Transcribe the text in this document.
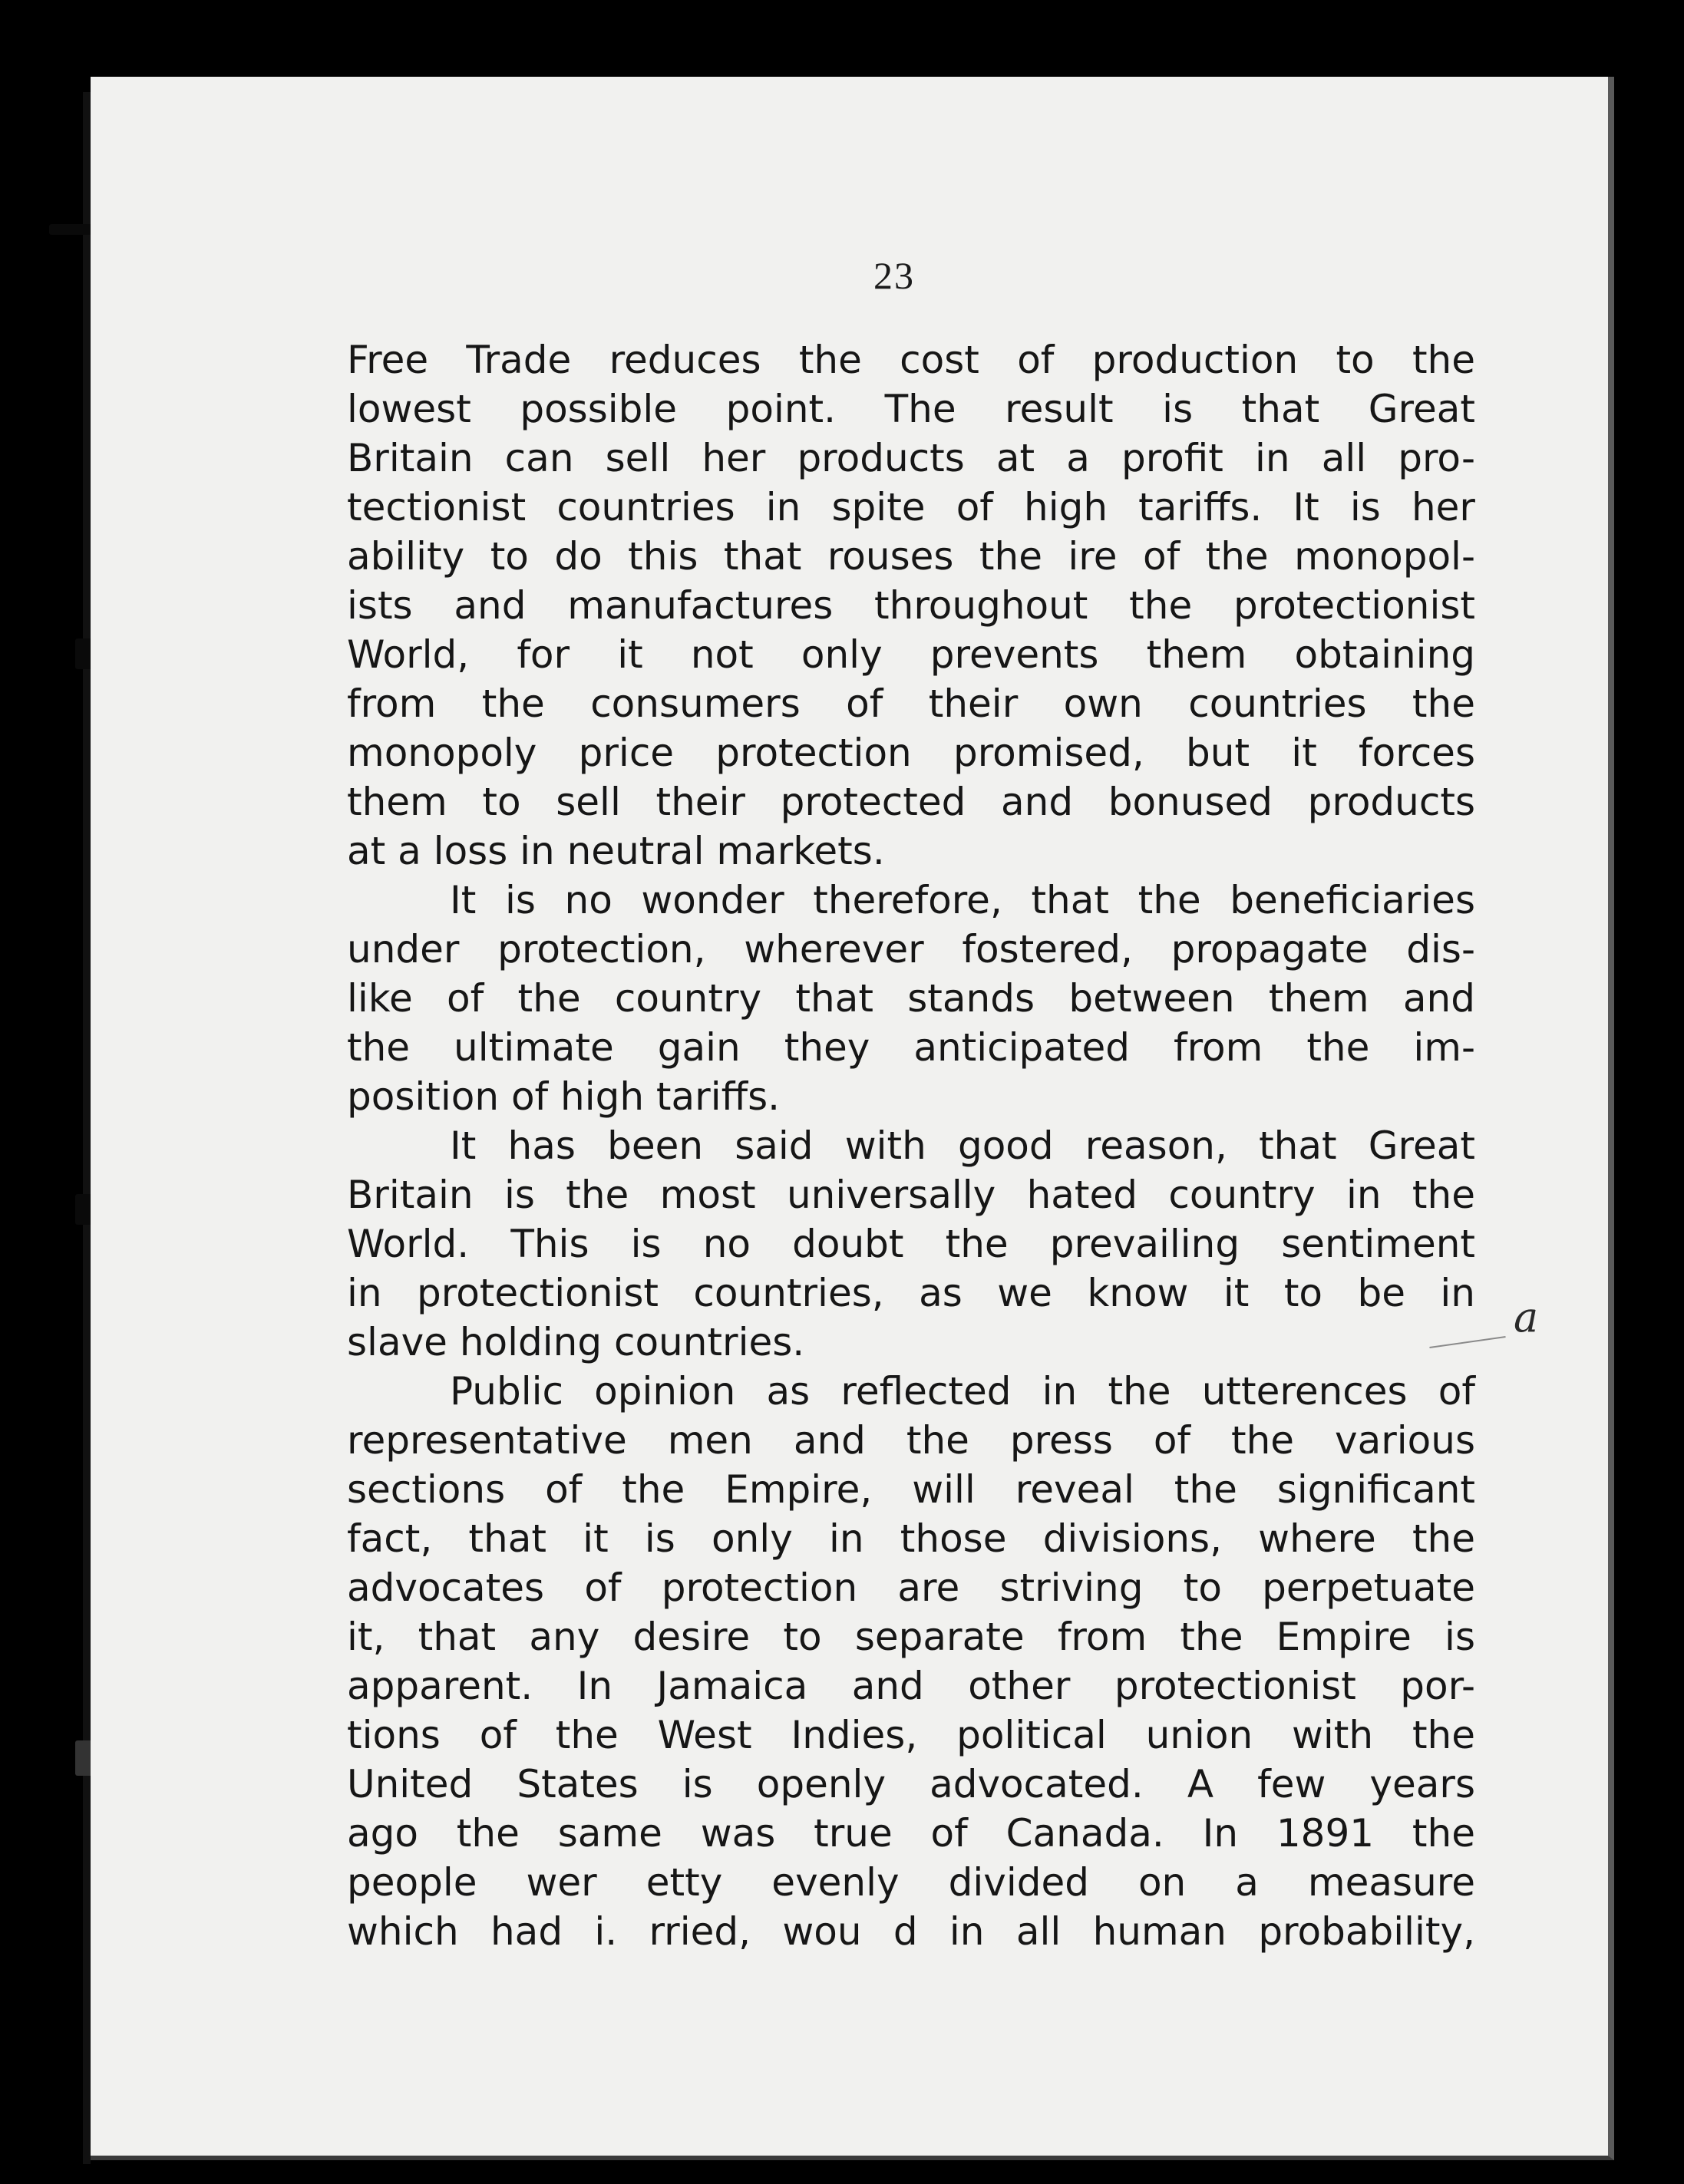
23
Free Trade reduces the cost of production to the
lowest possible point. The result is that Great
Britain can sell her products at a profit in all pro-
tectionist countries in spite of high tariffs. It is her
ability to do this that rouses the ire of the monopol-
ists and manufactures throughout the protectionist
World, for it not only prevents them obtaining
from the consumers of their own countries the
monopoly price protection promised, but it forces
them to sell their protected and bonused products
at a loss in neutral markets.
It is no wonder therefore, that the beneficiaries
under protection, wherever fostered, propagate dis-
like of the country that stands between them and
the ultimate gain they anticipated from the im-
position of high tariffs.
It has been said with good reason, that Great
Britain is the most universally hated country in the
World. This is no doubt the prevailing sentiment
in protectionist countries, as we know it to be in
slave holding countries.
Public opinion as reflected in the utterences of
representative men and the press of the various
sections of the Empire, will reveal the significant
fact, that it is only in those divisions, where the
advocates of protection are striving to perpetuate
it, that any desire to separate from the Empire is
apparent. In Jamaica and other protectionist por-
tions of the West Indies, political union with the
United States is openly advocated. A few years
ago the same was true of Canada. In 1891 the
people wer etty evenly divided on a measure
which had i. rried, wou d in all human probability,
a
